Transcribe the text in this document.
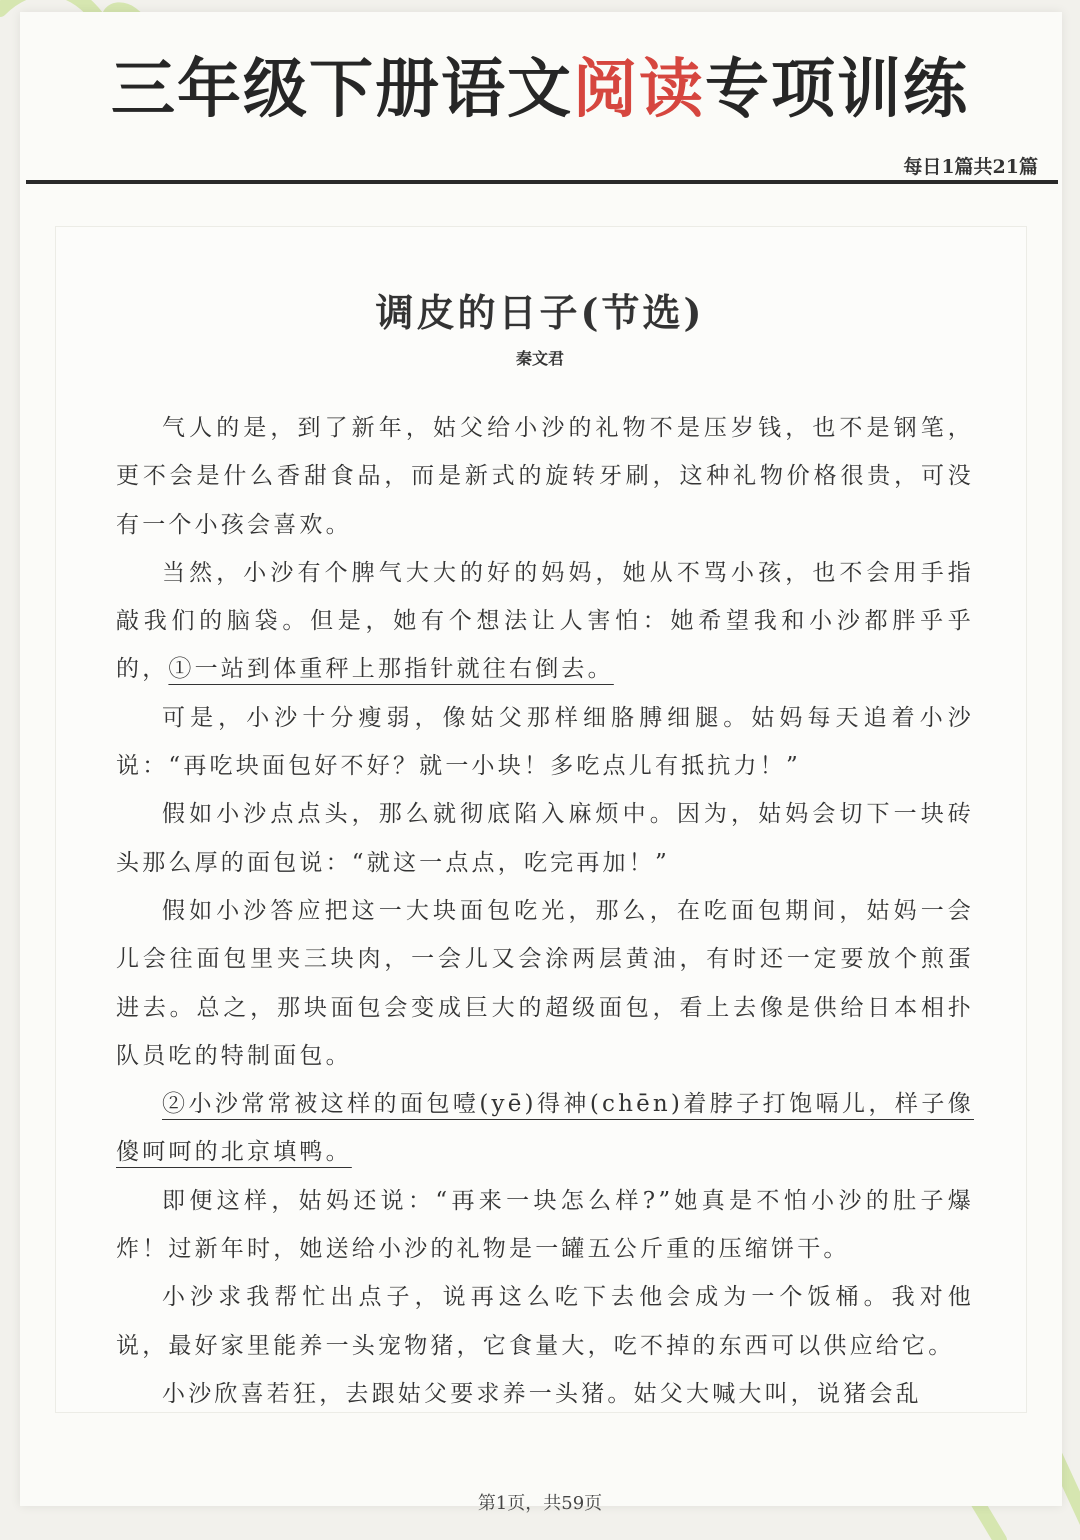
三年级下册语文阅读专项训练
每日1篇共21篇
调皮的日子(节选)
秦文君

气人的是，到了新年，姑父给小沙的礼物不是压岁钱，也不是钢笔，更不会是什么香甜食品，而是新式的旋转牙刷，这种礼物价格很贵，可没有一个小孩会喜欢。

当然，小沙有个脾气大大的好的妈妈，她从不骂小孩，也不会用手指敲我们的脑袋。但是，她有个想法让人害怕：她希望我和小沙都胖乎乎的，①一站到体重秤上那指针就往右倒去。

可是，小沙十分瘦弱，像姑父那样细胳膊细腿。姑妈每天追着小沙说：“再吃块面包好不好？就一小块！多吃点儿有抵抗力！”

假如小沙点点头，那么就彻底陷入麻烦中。因为，姑妈会切下一块砖头那么厚的面包说：“就这一点点，吃完再加！”

假如小沙答应把这一大块面包吃光，那么，在吃面包期间，姑妈一会儿会往面包里夹三块肉，一会儿又会涂两层黄油，有时还一定要放个煎蛋进去。总之，那块面包会变成巨大的超级面包，看上去像是供给日本相扑队员吃的特制面包。

②小沙常常被这样的面包噎(yē)得神(chēn)着脖子打饱嗝儿，样子像傻呵呵的北京填鸭。

即便这样，姑妈还说：“再来一块怎么样?”她真是不怕小沙的肚子爆炸！过新年时，她送给小沙的礼物是一罐五公斤重的压缩饼干。

小沙求我帮忙出点子，说再这么吃下去他会成为一个饭桶。我对他说，最好家里能养一头宠物猪，它食量大，吃不掉的东西可以供应给它。

小沙欣喜若狂，去跟姑父要求养一头猪。姑父大喊大叫，说猪会乱

第1页，共59页
